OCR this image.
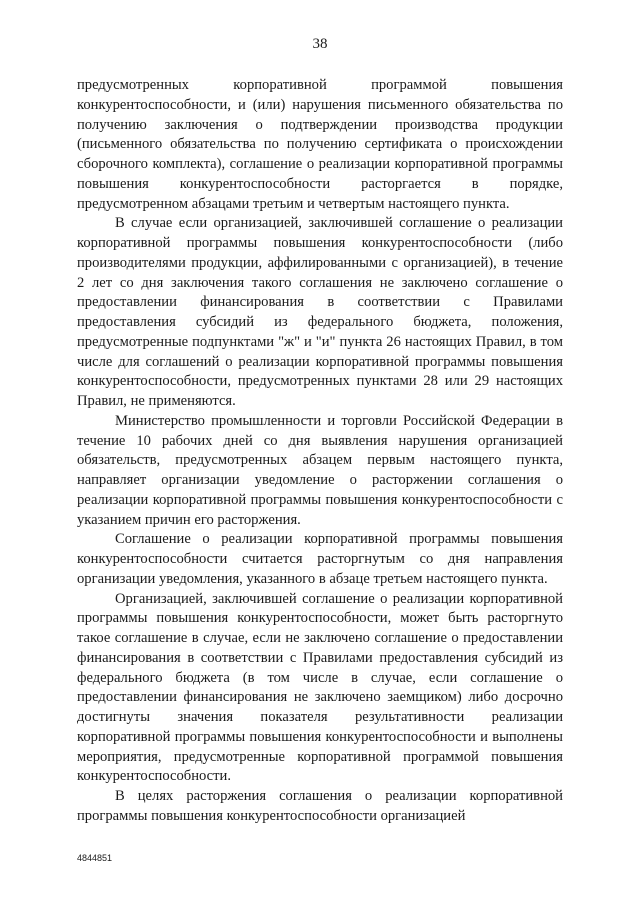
38

предусмотренных корпоративной программой повышения конкурентоспособности, и (или) нарушения письменного обязательства по получению заключения о подтверждении производства продукции (письменного обязательства по получению сертификата о происхождении сборочного комплекта), соглашение о реализации корпоративной программы повышения конкурентоспособности расторгается в порядке, предусмотренном абзацами третьим и четвертым настоящего пункта.

В случае если организацией, заключившей соглашение о реализации корпоративной программы повышения конкурентоспособности (либо производителями продукции, аффилированными с организацией), в течение 2 лет со дня заключения такого соглашения не заключено соглашение о предоставлении финансирования в соответствии с Правилами предоставления субсидий из федерального бюджета, положения, предусмотренные подпунктами "ж" и "и" пункта 26 настоящих Правил, в том числе для соглашений о реализации корпоративной программы повышения конкурентоспособности, предусмотренных пунктами 28 или 29 настоящих Правил, не применяются.

Министерство промышленности и торговли Российской Федерации в течение 10 рабочих дней со дня выявления нарушения организацией обязательств, предусмотренных абзацем первым настоящего пункта, направляет организации уведомление о расторжении соглашения о реализации корпоративной программы повышения конкурентоспособности с указанием причин его расторжения.

Соглашение о реализации корпоративной программы повышения конкурентоспособности считается расторгнутым со дня направления организации уведомления, указанного в абзаце третьем настоящего пункта.

Организацией, заключившей соглашение о реализации корпоративной программы повышения конкурентоспособности, может быть расторгнуто такое соглашение в случае, если не заключено соглашение о предоставлении финансирования в соответствии с Правилами предоставления субсидий из федерального бюджета (в том числе в случае, если соглашение о предоставлении финансирования не заключено заемщиком) либо досрочно достигнуты значения показателя результативности реализации корпоративной программы повышения конкурентоспособности и выполнены мероприятия, предусмотренные корпоративной программой повышения конкурентоспособности.

В целях расторжения соглашения о реализации корпоративной программы повышения конкурентоспособности организацией

4844851
